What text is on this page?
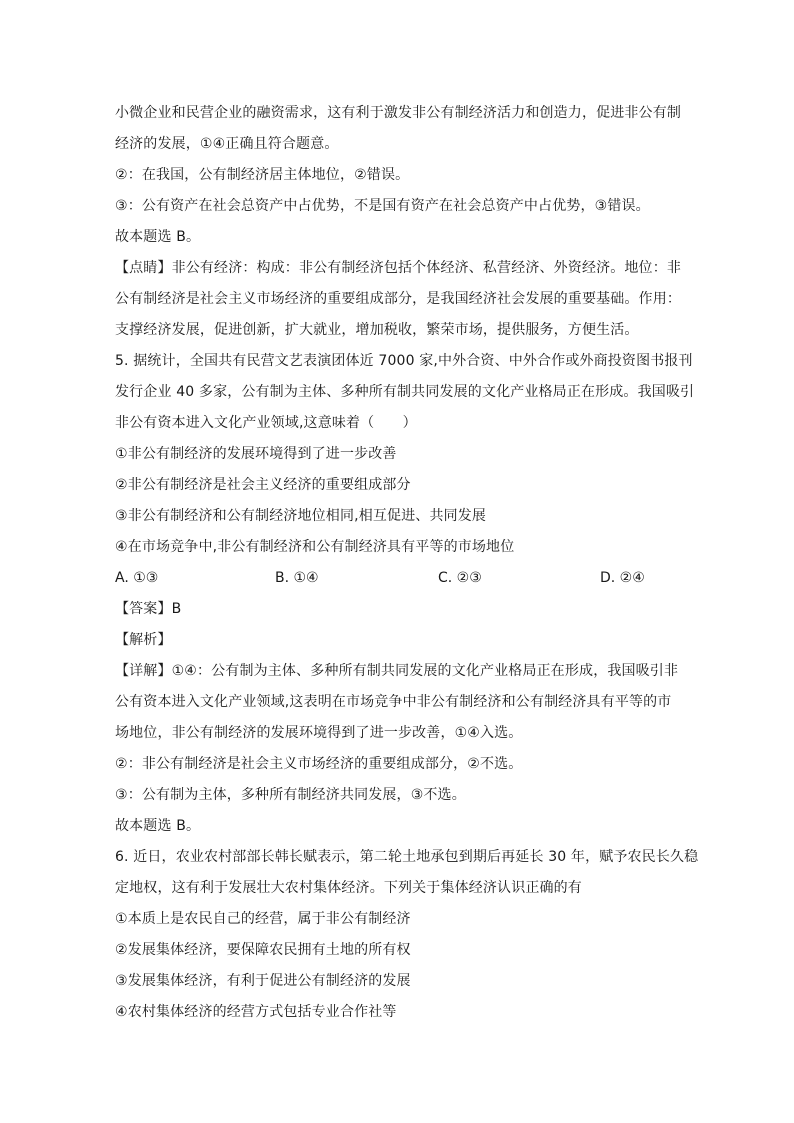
小微企业和民营企业的融资需求，这有利于激发非公有制经济活力和创造力，促进非公有制
经济的发展，①④正确且符合题意。
②：在我国，公有制经济居主体地位，②错误。
③：公有资产在社会总资产中占优势，不是国有资产在社会总资产中占优势，③错误。
故本题选 B。
【点睛】非公有经济：构成：非公有制经济包括个体经济、私营经济、外资经济。地位：非
公有制经济是社会主义市场经济的重要组成部分，是我国经济社会发展的重要基础。作用：
支撑经济发展，促进创新，扩大就业，增加税收，繁荣市场，提供服务，方便生活。
5. 据统计，全国共有民营文艺表演团体近 7000 家,中外合资、中外合作或外商投资图书报刊
发行企业 40 多家，公有制为主体、多种所有制共同发展的文化产业格局正在形成。我国吸引
非公有资本进入文化产业领域,这意味着（　　）
①非公有制经济的发展环境得到了进一步改善
②非公有制经济是社会主义经济的重要组成部分
③非公有制经济和公有制经济地位相同,相互促进、共同发展
④在市场竞争中,非公有制经济和公有制经济具有平等的市场地位
A. ①③	B. ①④	C. ②③	D. ②④
【答案】B
【解析】
【详解】①④：公有制为主体、多种所有制共同发展的文化产业格局正在形成，我国吸引非
公有资本进入文化产业领域,这表明在市场竞争中非公有制经济和公有制经济具有平等的市
场地位，非公有制经济的发展环境得到了进一步改善，①④入选。
②：非公有制经济是社会主义市场经济的重要组成部分，②不选。
③：公有制为主体，多种所有制经济共同发展，③不选。
故本题选 B。
6. 近日，农业农村部部长韩长赋表示，第二轮土地承包到期后再延长 30 年，赋予农民长久稳
定地权，这有利于发展壮大农村集体经济。下列关于集体经济认识正确的有
①本质上是农民自己的经营，属于非公有制经济
②发展集体经济，要保障农民拥有土地的所有权
③发展集体经济，有利于促进公有制经济的发展
④农村集体经济的经营方式包括专业合作社等
